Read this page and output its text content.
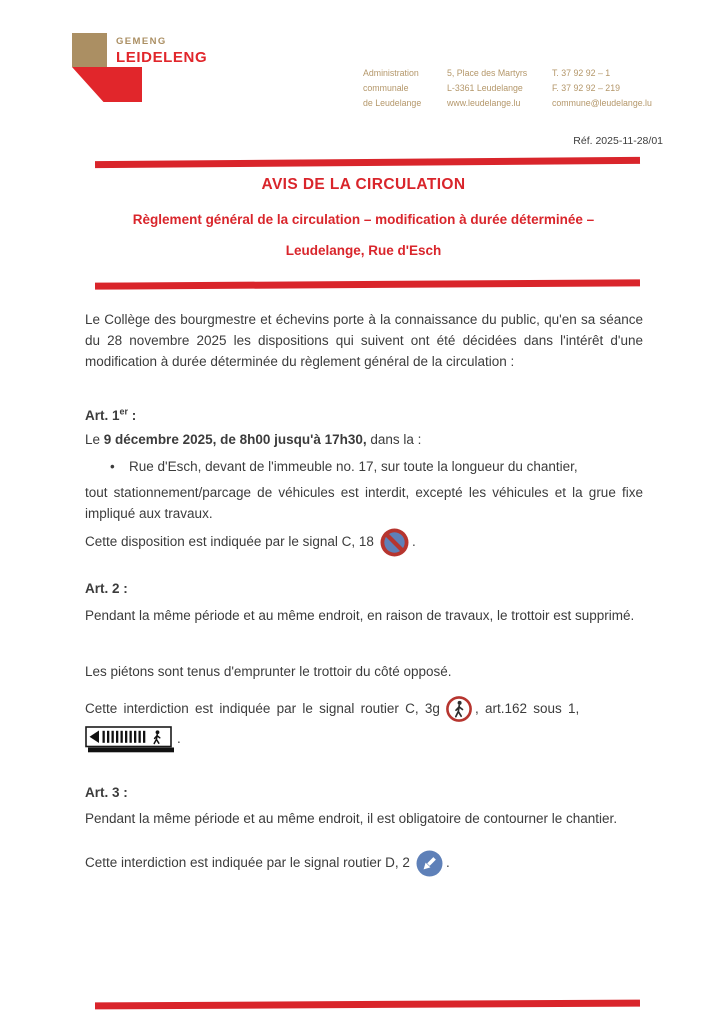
GEMENG
LEIDELENG
Administration
communale
de Leudelange
5, Place des Martyrs
L-3361 Leudelange
www.leudelange.lu
T. 37 92 92 – 1
F. 37 92 92 – 219
commune@leudelange.lu
Réf. 2025-11-28/01
AVIS DE LA CIRCULATION
Règlement général de la circulation – modification à durée déterminée –
Leudelange, Rue d'Esch

Le Collège des bourgmestre et échevins porte à la connaissance du public, qu'en sa séance du 28 novembre 2025 les dispositions qui suivent ont été décidées dans l'intérêt d'une modification à durée déterminée du règlement général de la circulation :

Art. 1er :

Le 9 décembre 2025, de 8h00 jusqu'à 17h30, dans la :

• Rue d'Esch, devant de l'immeuble no. 17, sur toute la longueur du chantier,

tout stationnement/parcage de véhicules est interdit, excepté les véhicules et la grue fixe impliqué aux travaux.

Cette disposition est indiquée par le signal C, 18	.

Art. 2 :

Pendant la même période et au même endroit, en raison de travaux, le trottoir est supprimé.

Les piétons sont tenus d'emprunter le trottoir du côté opposé.

Cette interdiction est indiquée par le signal routier C, 3g	, art.162 sous 1,

.

Art. 3 :

Pendant la même période et au même endroit, il est obligatoire de contourner le chantier.

Cette interdiction est indiquée par le signal routier D, 2	.
